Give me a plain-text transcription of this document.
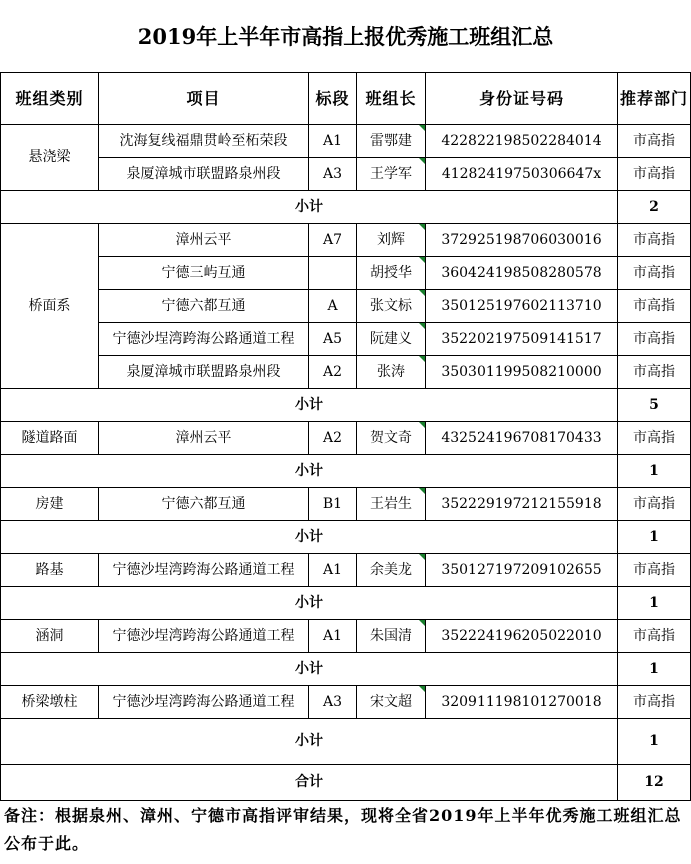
2019年上半年市高指上报优秀施工班组汇总
班组类别	项目	标段	班组长	身份证号码	推荐部门
悬浇梁	沈海复线福鼎贯岭至柘荣段	A1	雷鄂建	422822198502284014	市高指
	泉厦漳城市联盟路泉州段	A3	王学军	41282419750306647x	市高指
小计					2
桥面系	漳州云平	A7	刘辉	372925198706030016	市高指
	宁德三屿互通		胡授华	360424198508280578	市高指
	宁德六都互通	A	张文标	350125197602113710	市高指
	宁德沙埕湾跨海公路通道工程	A5	阮建义	352202197509141517	市高指
	泉厦漳城市联盟路泉州段	A2	张涛	350301199508210000	市高指
小计					5
隧道路面	漳州云平	A2	贺文奇	432524196708170433	市高指
小计					1
房建	宁德六都互通	B1	王岩生	352229197212155918	市高指
小计					1
路基	宁德沙埕湾跨海公路通道工程	A1	余美龙	350127197209102655	市高指
小计					1
涵洞	宁德沙埕湾跨海公路通道工程	A1	朱国清	352224196205022010	市高指
小计					1
桥梁墩柱	宁德沙埕湾跨海公路通道工程	A3	宋文超	320911198101270018	市高指
小计					1
合计					12
备注：根据泉州、漳州、宁德市高指评审结果，现将全省2019年上半年优秀施工班组汇总公布于此。
